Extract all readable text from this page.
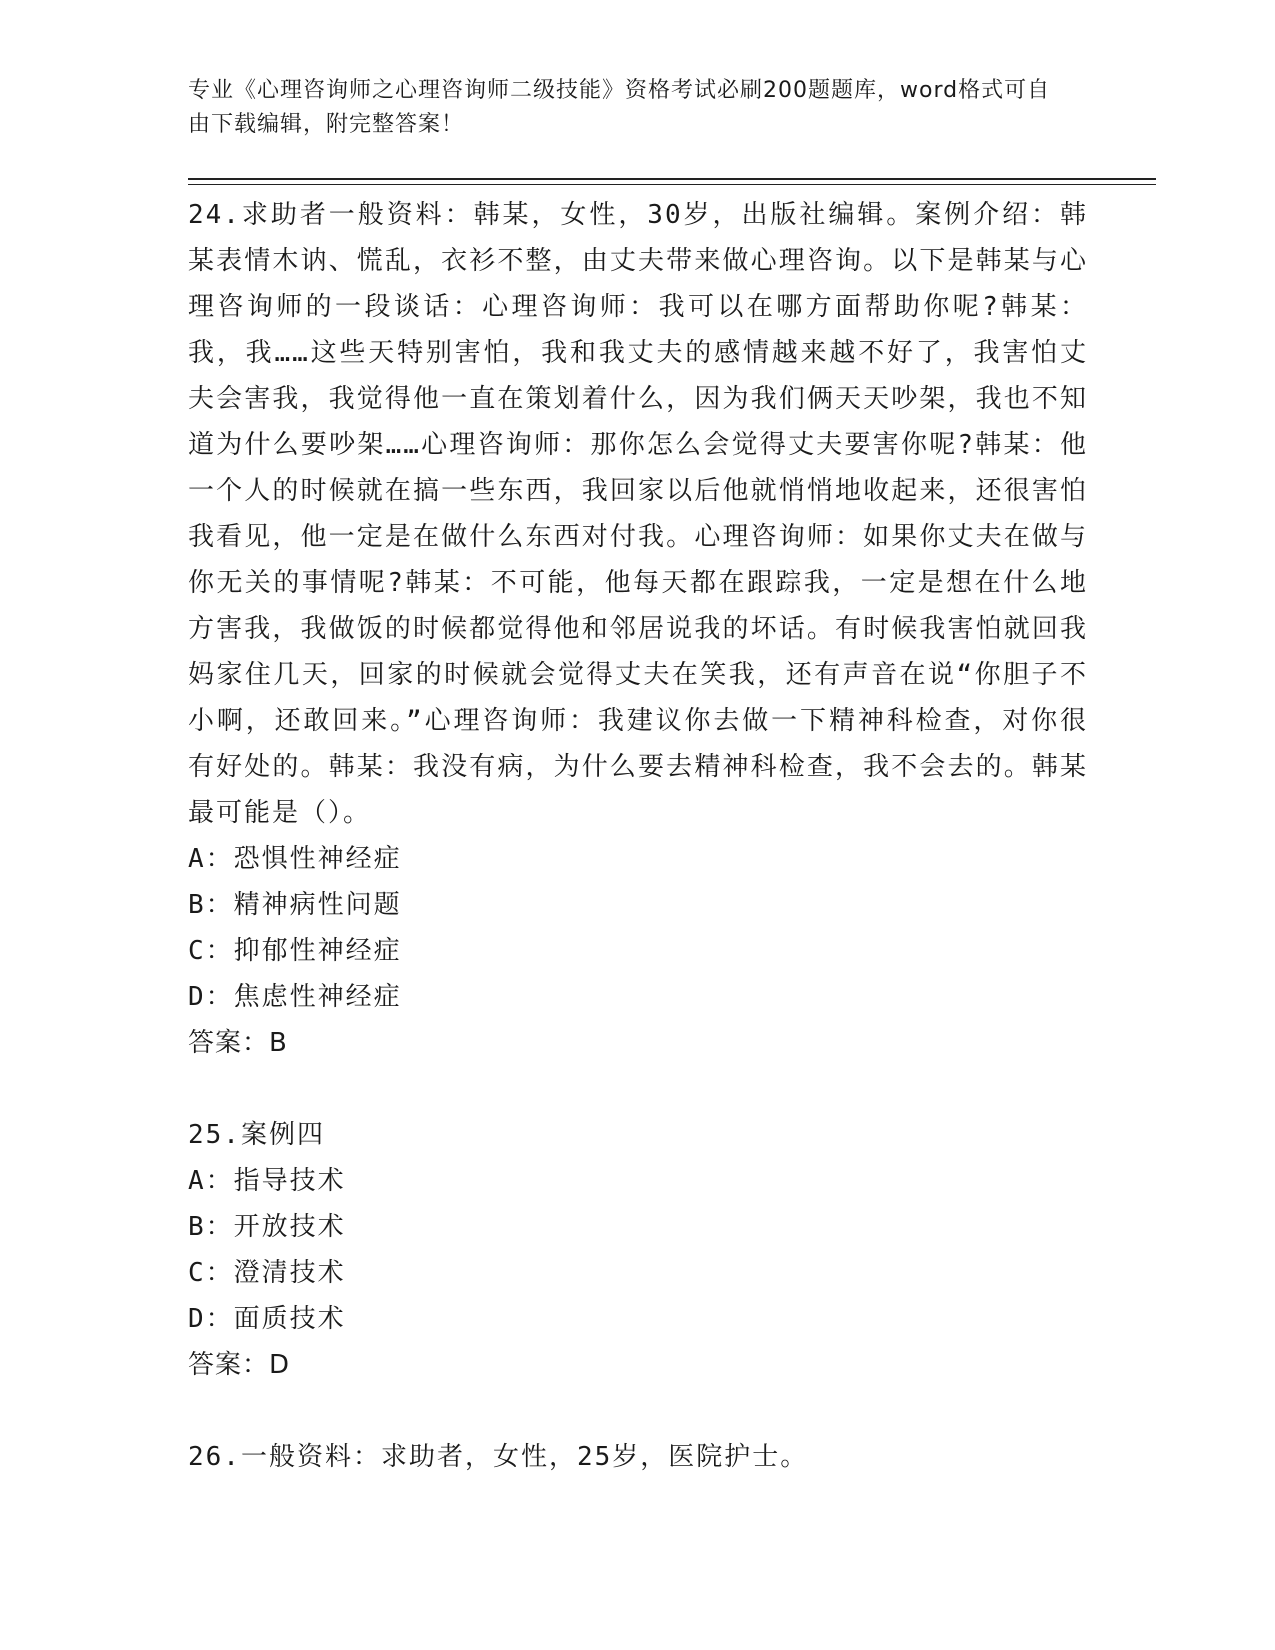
专业《心理咨询师之心理咨询师二级技能》资格考试必刷200题题库，word格式可自由下载编辑，附完整答案！
24.求助者一般资料：韩某，女性，30岁，出版社编辑。案例介绍：韩某表情木讷、慌乱，衣衫不整，由丈夫带来做心理咨询。以下是韩某与心理咨询师的一段谈话：心理咨询师：我可以在哪方面帮助你呢?韩某：我，我……这些天特别害怕，我和我丈夫的感情越来越不好了，我害怕丈夫会害我，我觉得他一直在策划着什么，因为我们俩天天吵架，我也不知道为什么要吵架……心理咨询师：那你怎么会觉得丈夫要害你呢?韩某：他一个人的时候就在搞一些东西，我回家以后他就悄悄地收起来，还很害怕我看见，他一定是在做什么东西对付我。心理咨询师：如果你丈夫在做与你无关的事情呢?韩某：不可能，他每天都在跟踪我，一定是想在什么地方害我，我做饭的时候都觉得他和邻居说我的坏话。有时候我害怕就回我妈家住几天，回家的时候就会觉得丈夫在笑我，还有声音在说“你胆子不小啊，还敢回来。”心理咨询师：我建议你去做一下精神科检查，对你很有好处的。韩某：我没有病，为什么要去精神科检查，我不会去的。韩某最可能是（）。
A：恐惧性神经症
B：精神病性问题
C：抑郁性神经症
D：焦虑性神经症
答案：B
25.案例四
A：指导技术
B：开放技术
C：澄清技术
D：面质技术
答案：D
26.一般资料：求助者，女性，25岁，医院护士。
